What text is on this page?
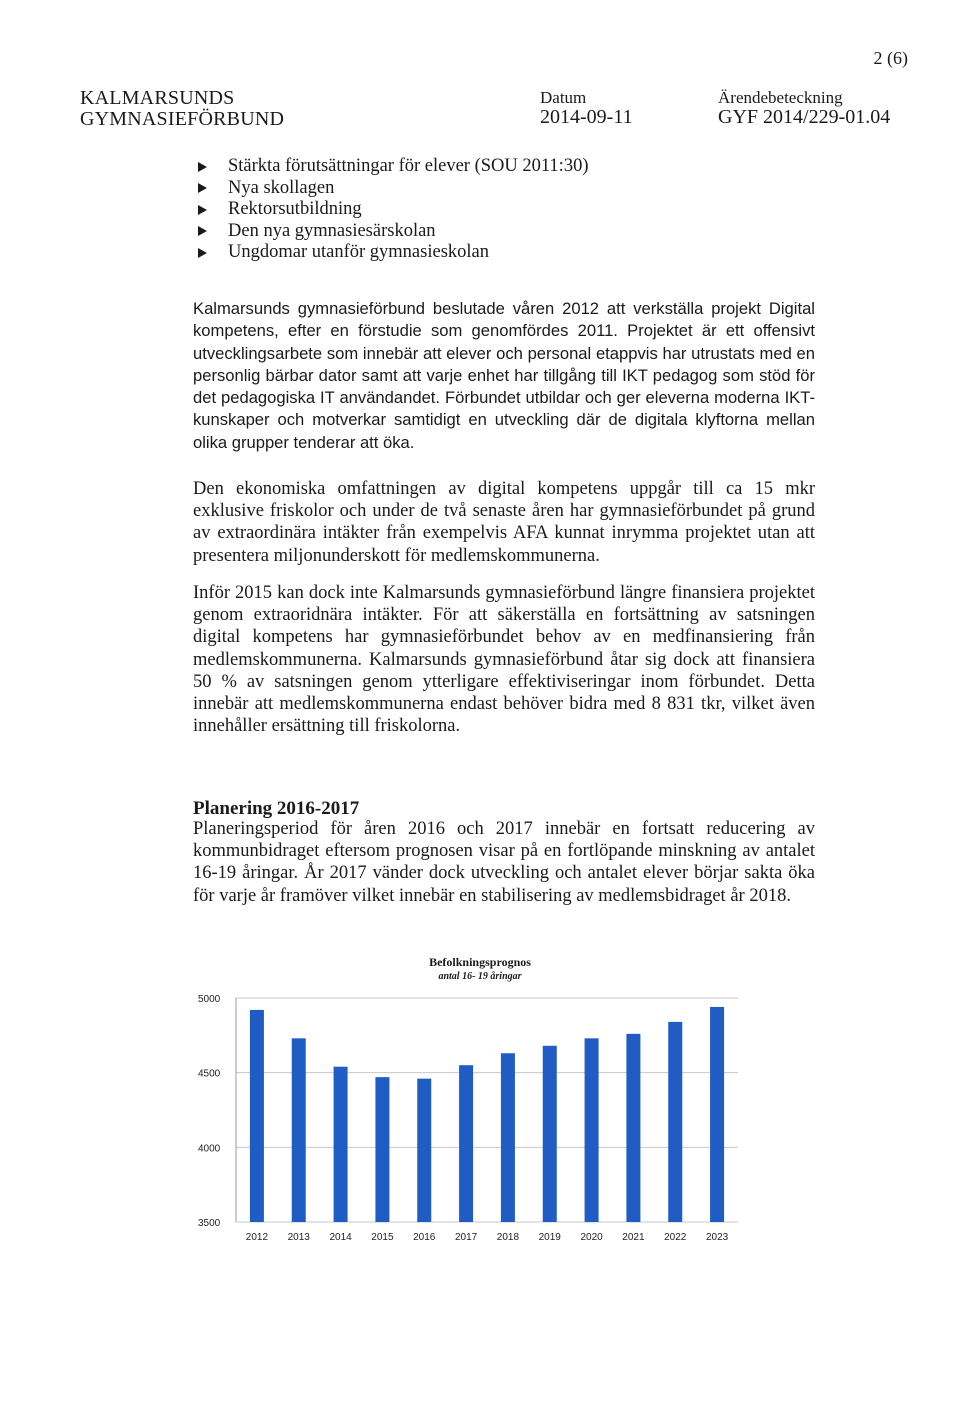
2 (6)
KALMARSUNDS
GYMNASIEFÖRBUND
Datum
2014-09-11
Ärendebeteckning
GYF 2014/229-01.04
Stärkta förutsättningar för elever (SOU 2011:30)
Nya skollagen
Rektorsutbildning
Den nya gymnasiesärskolan
Ungdomar utanför gymnasieskolan

Kalmarsunds gymnasieförbund beslutade våren 2012 att verkställa projekt Digital kompetens, efter en förstudie som genomfördes 2011. Projektet är ett offensivt utvecklingsarbete som innebär att elever och personal etappvis har utrustats med en personlig bärbar dator samt att varje enhet har tillgång till IKT pedagog som stöd för det pedagogiska IT användandet. Förbundet utbildar och ger eleverna moderna IKT-kunskaper och motverkar samtidigt en utveckling där de digitala klyftorna mellan olika grupper tenderar att öka.

Den ekonomiska omfattningen av digital kompetens uppgår till ca 15 mkr exklusive friskolor och under de två senaste åren har gymnasieförbundet på grund av extraordinära intäkter från exempelvis AFA kunnat inrymma projektet utan att presentera miljonunderskott för medlemskommunerna.

Inför 2015 kan dock inte Kalmarsunds gymnasieförbund längre finansiera projektet genom extraoridnära intäkter. För att säkerställa en fortsättning av satsningen digital kompetens har gymnasieförbundet behov av en medfinansiering från medlemskommunerna. Kalmarsunds gymnasieförbund åtar sig dock att finansiera 50 % av satsningen genom ytterligare effektiviseringar inom förbundet. Detta innebär att medlemskommunerna endast behöver bidra med 8 831 tkr, vilket även innehåller ersättning till friskolorna.

Planering 2016-2017

Planeringsperiod för åren 2016 och 2017 innebär en fortsatt reducering av kommunbidraget eftersom prognosen visar på en fortlöpande minskning av antalet 16-19 åringar. År 2017 vänder dock utveckling och antalet elever börjar sakta öka för varje år framöver vilket innebär en stabilisering av medlemsbidraget år 2018.

Befolkningsprognos
antal 16- 19 åringar
5000
4500
4000
3500
2012 2013 2014 2015 2016 2017 2018 2019 2020 2021 2022 2023
